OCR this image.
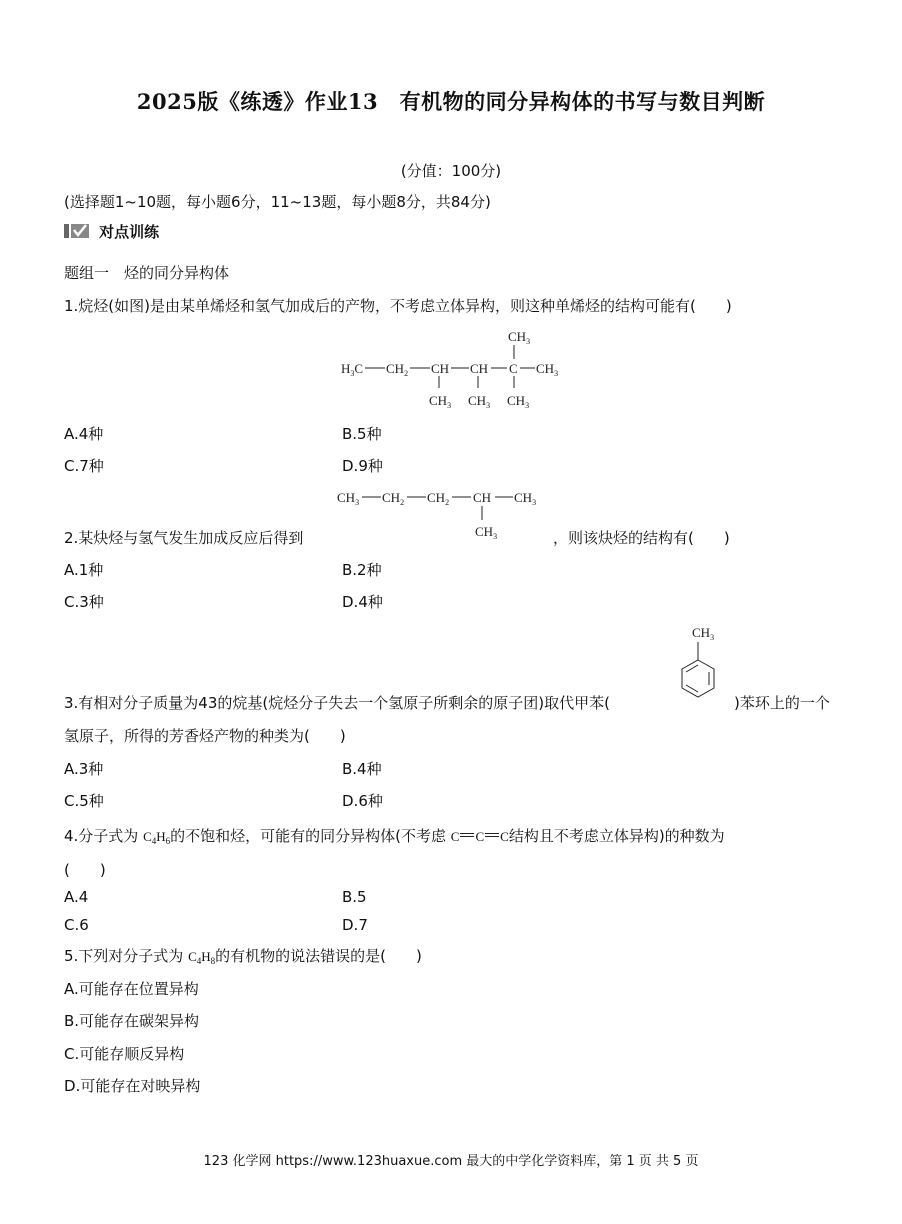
2025版《练透》作业13　有机物的同分异构体的书写与数目判断
(分值：100分)
(选择题1~10题，每小题6分，11~13题，每小题8分，共84分)
对点训练
题组一　烃的同分异构体
1.烷烃(如图)是由某单烯烃和氢气加成后的产物，不考虑立体异构，则这种单烯烃的结构可能有(　　)
$H_3C$ $CH_2$ CH CH C $CH_3$
$CH_3$
$CH_3$ $CH_3$ $CH_3$
A.4种	B.5种
C.7种	D.9种
$CH_3$ $CH_2$ $CH_2$ CH $CH_3$
$CH_3$
2.某炔烃与氢气发生加成反应后得到	，则该炔烃的结构有(　　)
A.1种	B.2种
C.3种	D.4种
$CH_3$
3.有相对分子质量为43的烷基(烷烃分子失去一个氢原子所剩余的原子团)取代甲苯(	)苯环上的一个
氢原子，所得的芳香烃产物的种类为(　　)
A.3种	B.4种
C.5种	D.6种
4.分子式为 $C_4H_6$的不饱和烃，可能有的同分异构体(不考虑 C C C结构且不考虑立体异构)的种数为
(　　)
A.4	B.5
C.6	D.7
5.下列对分子式为 $C_4H_8$的有机物的说法错误的是(　　)
A.可能存在位置异构
B.可能存在碳架异构
C.可能存顺反异构
D.可能存在对映异构
123 化学网 https://www.123huaxue.com 最大的中学化学资料库，第 1 页 共 5 页
